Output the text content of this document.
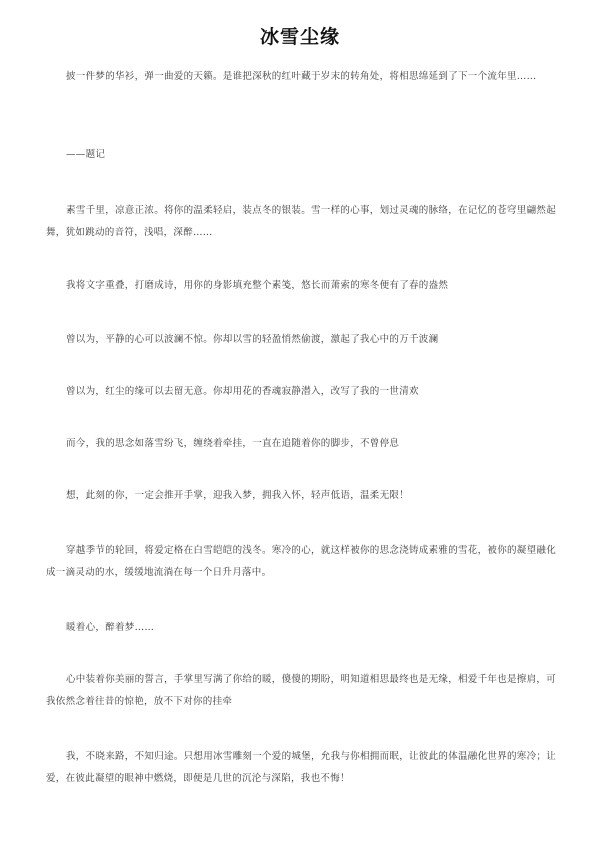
冰雪尘缘
披一件梦的华衫，弹一曲爱的天籁。是谁把深秋的红叶藏于岁末的转角处，将相思绵延到了下一个流年里……
——题记
素雪千里，凉意正浓。将你的温柔轻启，装点冬的银装。雪一样的心事，划过灵魂的脉络，在记忆的苍穹里翩然起舞，犹如跳动的音符，浅唱，深醉……
我将文字重叠，打磨成诗，用你的身影填充整个素笺，悠长而萧索的寒冬便有了春的盎然
曾以为，平静的心可以波澜不惊。你却以雪的轻盈悄然偷渡，激起了我心中的万千波澜
曾以为，红尘的缘可以去留无意。你却用花的香魂寂静潜入，改写了我的一世清欢
而今，我的思念如落雪纷飞，缠绕着牵挂，一直在追随着你的脚步，不曾停息
想，此刻的你，一定会推开手掌，迎我入梦，拥我入怀，轻声低语，温柔无限！
穿越季节的轮回，将爱定格在白雪皑皑的浅冬。寒冷的心，就这样被你的思念浇铸成素雅的雪花，被你的凝望融化成一滴灵动的水，缓缓地流淌在每一个日升月落中。
暖着心，醉着梦……
心中装着你美丽的誓言，手掌里写满了你给的暖，傻傻的期盼，明知道相思最终也是无缘，相爱千年也是擦肩，可我依然念着往昔的惊艳，放不下对你的挂牵
我，不晓来路，不知归途。只想用冰雪雕刻一个爱的城堡，允我与你相拥而眠，让彼此的体温融化世界的寒冷；让爱，在彼此凝望的眼神中燃烧，即便是几世的沉沦与深陷，我也不悔！
